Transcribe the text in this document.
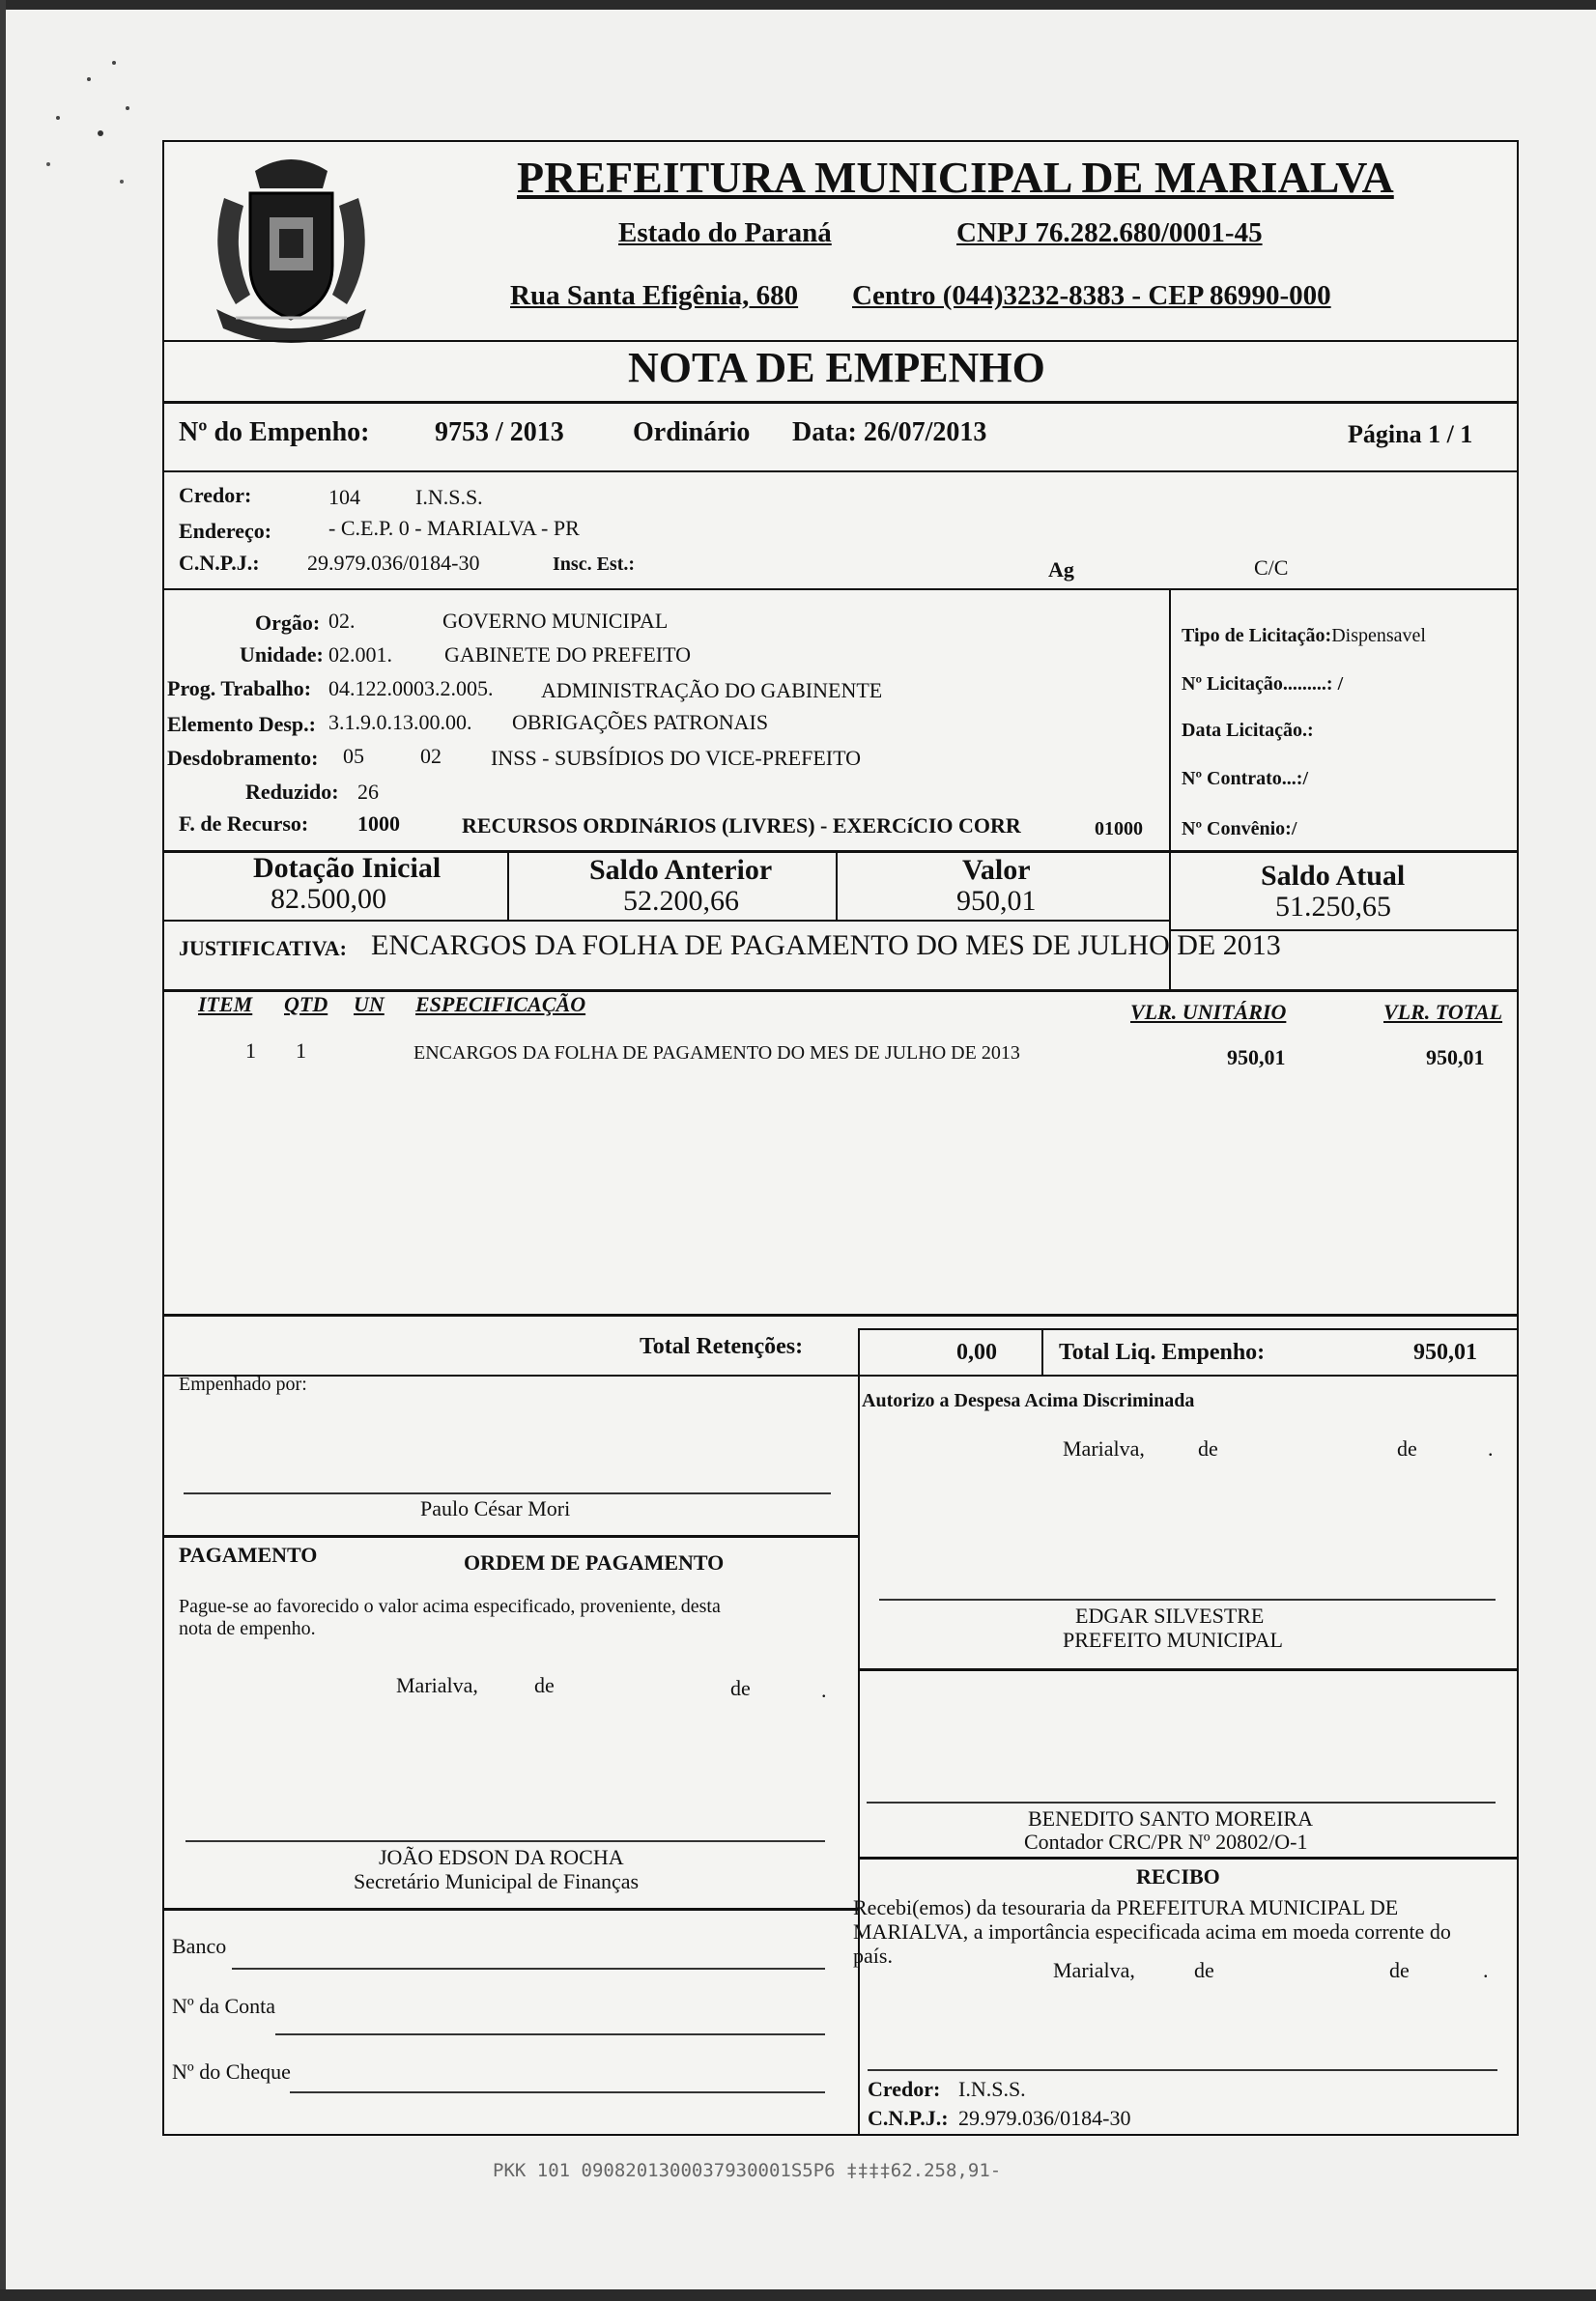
PREFEITURA MUNICIPAL DE MARIALVA
Estado do Paraná	CNPJ 76.282.680/0001-45
Rua Santa Efigênia, 680 Centro (044)3232-8383 - CEP 86990-000
NOTA DE EMPENHO
Nº do Empenho: 9753 / 2013	Ordinário Data: 26/07/2013	Página 1 / 1
Credor:	104	I.N.S.S.
Endereço:	- C.E.P. 0 - MARIALVA - PR
C.N.P.J.: 29.979.036/0184-30	Insc. Est.:	Ag	C/C
Orgão: 02.	GOVERNO MUNICIPAL
Unidade: 02.001. GABINETE DO PREFEITO
Prog. Trabalho: 04.122.0003.2.005. ADMINISTRAÇÃO DO GABINENTE
Elemento Desp.: 3.1.9.0.13.00.00. OBRIGAÇÕES PATRONAIS
Desdobramento: 05	02 INSS - SUBSÍDIOS DO VICE-PREFEITO
Reduzido: 26
F. de Recurso: 1000	RECURSOS ORDINáRIOS (LIVRES) - EXERCíCIO CORR	01000
Tipo de Licitação:Dispensavel
Nº Licitação.........: /
Data Licitação.:
Nº Contrato...:/
Nº Convênio:/
Dotação Inicial
82.500,00
Saldo Anterior
52.200,66
Valor
950,01
Saldo Atual
51.250,65
JUSTIFICATIVA: ENCARGOS DA FOLHA DE PAGAMENTO DO MES DE JULHO DE 2013
ITEM QTD UN ESPECIFICAÇÃO	VLR. UNITÁRIO	VLR. TOTAL
1 1	ENCARGOS DA FOLHA DE PAGAMENTO DO MES DE JULHO DE 2013	950,01	950,01
Total Retenções:	0,00	Total Liq. Empenho:	950,01
Empenhado por:
Paulo César Mori
Autorizo a Despesa Acima Discriminada
Marialva,	de	de	.
PAGAMENTO	ORDEM DE PAGAMENTO
Pague-se ao favorecido o valor acima especificado, proveniente, desta
nota de empenho.
Marialva,	de	de	.
EDGAR SILVESTRE
PREFEITO MUNICIPAL
JOÃO EDSON DA ROCHA
Secretário Municipal de Finanças
BENEDITO SANTO MOREIRA
Contador CRC/PR Nº 20802/O-1
RECIBO
Recebi(emos) da tesouraria da PREFEITURA MUNICIPAL DE
MARIALVA, a importância especificada acima em moeda corrente do
país.
Marialva,	de	de	.
Credor: I.N.S.S.
C.N.P.J.: 29.979.036/0184-30
Banco
Nº da Conta
Nº do Cheque
PKK 101 0908201300037930001S5P6 ‡‡‡‡62.258,91-
